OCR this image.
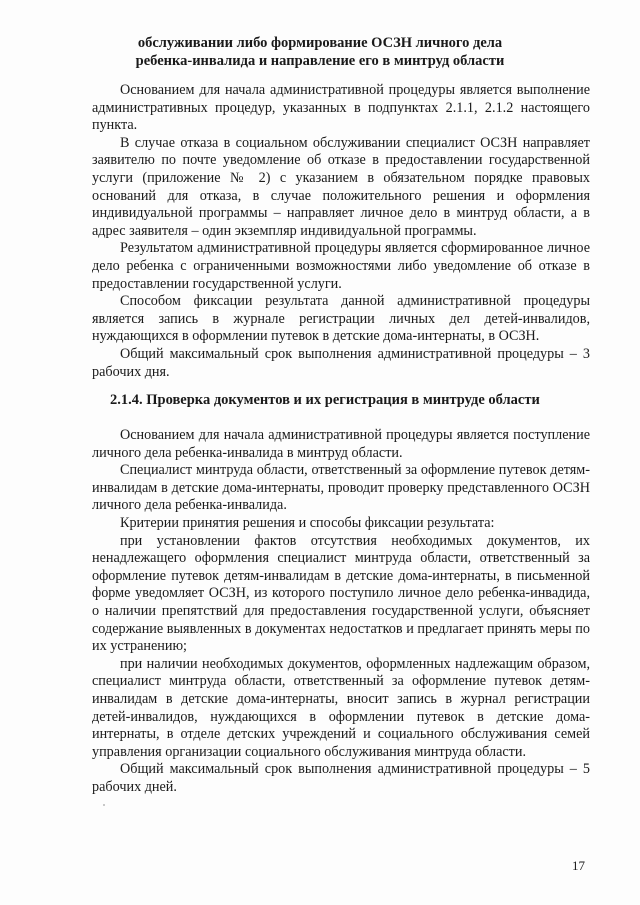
обслуживании либо формирование ОСЗН личного дела
ребенка-инвалида и направление его в минтруд области

Основанием для начала административной процедуры является выполнение административных процедур, указанных в подпунктах 2.1.1, 2.1.2 настоящего пункта.

В случае отказа в социальном обслуживании специалист ОСЗН направляет заявителю по почте уведомление об отказе в предоставлении государственной услуги (приложение № 2) с указанием в обязательном порядке правовых оснований для отказа, в случае положительного решения и оформления индивидуальной программы – направляет личное дело в минтруд области, а в адрес заявителя – один экземпляр индивидуальной программы.

Результатом административной процедуры является сформированное личное дело ребенка с ограниченными возможностями либо уведомление об отказе в предоставлении государственной услуги.

Способом фиксации результата данной административной процедуры является запись в журнале регистрации личных дел детей-инвалидов, нуждающихся в оформлении путевок в детские дома-интернаты, в ОСЗН.

Общий максимальный срок выполнения административной процедуры – 3 рабочих дня.

2.1.4. Проверка документов и их регистрация в минтруде области

Основанием для начала административной процедуры является поступление личного дела ребенка-инвалида в минтруд области.

Специалист минтруда области, ответственный за оформление путевок детям-инвалидам в детские дома-интернаты, проводит проверку представленного ОСЗН личного дела ребенка-инвалида.

Критерии принятия решения и способы фиксации результата:

при установлении фактов отсутствия необходимых документов, их ненадлежащего оформления специалист минтруда области, ответственный за оформление путевок детям-инвалидам в детские дома-интернаты, в письменной форме уведомляет ОСЗН, из которого поступило личное дело ребенка-инвадида, о наличии препятствий для предоставления государственной услуги, объясняет содержание выявленных в документах недостатков и предлагает принять меры по их устранению;

при наличии необходимых документов, оформленных надлежащим образом, специалист минтруда области, ответственный за оформление путевок детям-инвалидам в детские дома-интернаты, вносит запись в журнал регистрации детей-инвалидов, нуждающихся в оформлении путевок в детские дома-интернаты, в отделе детских учреждений и социального обслуживания семей управления организации социального обслуживания минтруда области.

Общий максимальный срок выполнения административной процедуры – 5 рабочих дней.

17
